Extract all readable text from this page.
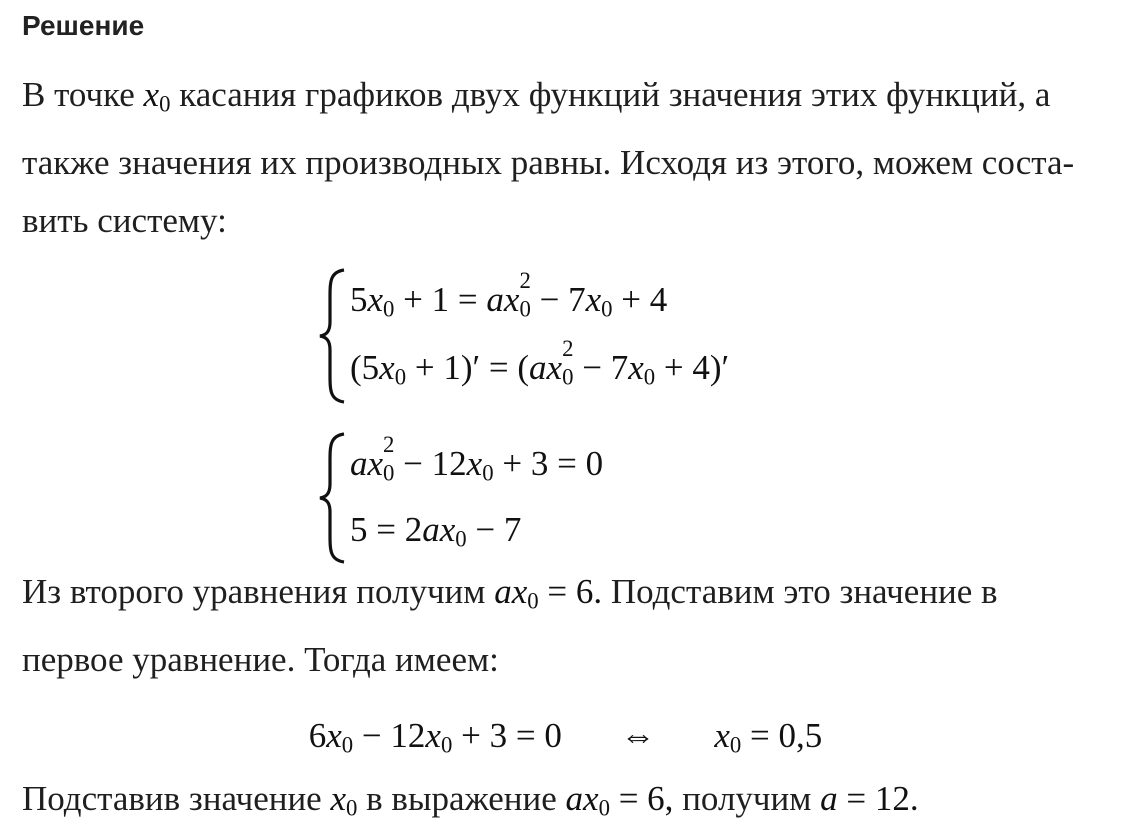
Решение
В точке $x_0$ касания графиков двух функций значения этих функций, а
также значения их производных равны. Исходя из этого, можем соста-
вить систему:
$5x_0 + 1$ = ax 2
$0 - 7x_0 + 4$
$(5x_0 + 1)' = (ax$ 2
$0 - 7x_0 + 4)'$
ax 2
$0 - 12x_0 + 3 = 0$
$5 = 2ax_0 - 7$
Из второго уравнения получим $ax_0 = 6$. Подставим это значение в
первое уравнение. Тогда имеем:
$6x_0 - 12x_0 + 3 = 0$ ⇔ $x_0 = 0,5$
Подставив значение $x_0$ в выражение $ax_0 = 6$, получим a = 12.
